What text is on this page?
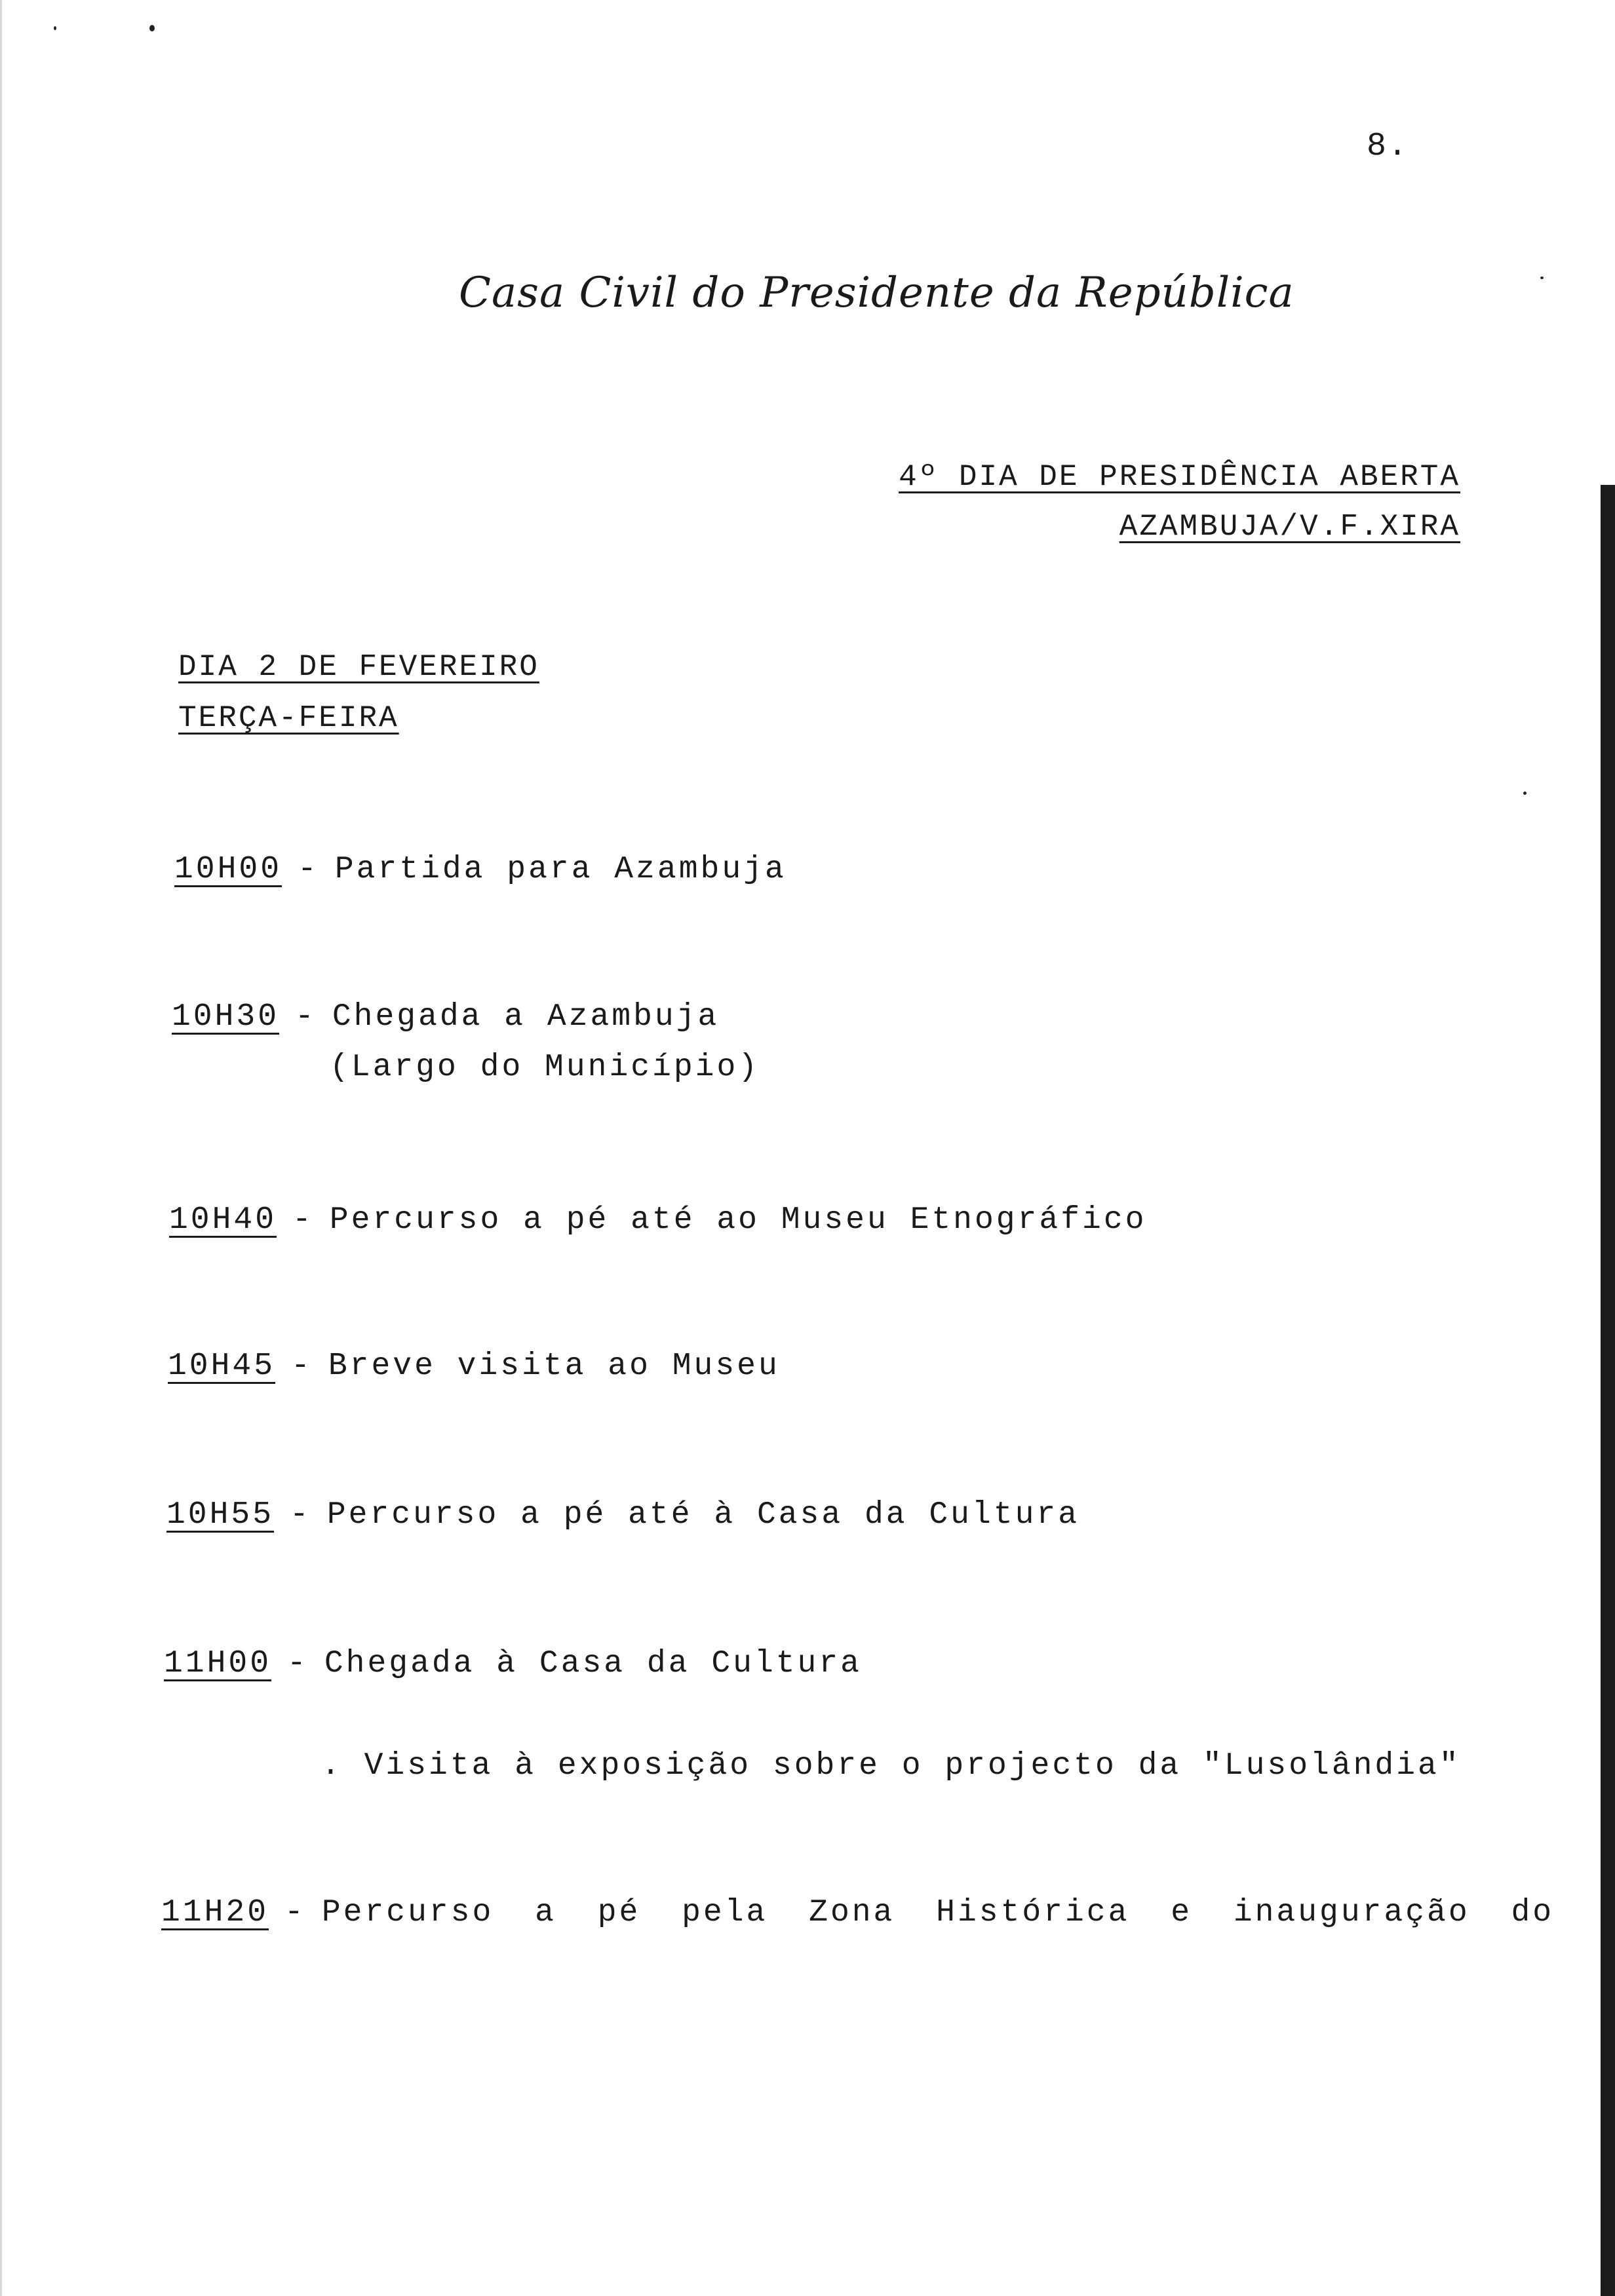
8.
Casa Civil do Presidente da República
4º DIA DE PRESIDÊNCIA ABERTA
AZAMBUJA/V.F.XIRA
DIA 2 DE FEVEREIRO
TERÇA-FEIRA
10H00 - Partida para Azambuja
10H30 - Chegada a Azambuja
(Largo do Município)
10H40 - Percurso a pé até ao Museu Etnográfico
10H45 - Breve visita ao Museu
10H55 - Percurso a pé até à Casa da Cultura
11H00 - Chegada à Casa da Cultura
. Visita à exposição sobre o projecto da "Lusolândia"
11H20 - Percurso a pé pela Zona Histórica e inauguração do
